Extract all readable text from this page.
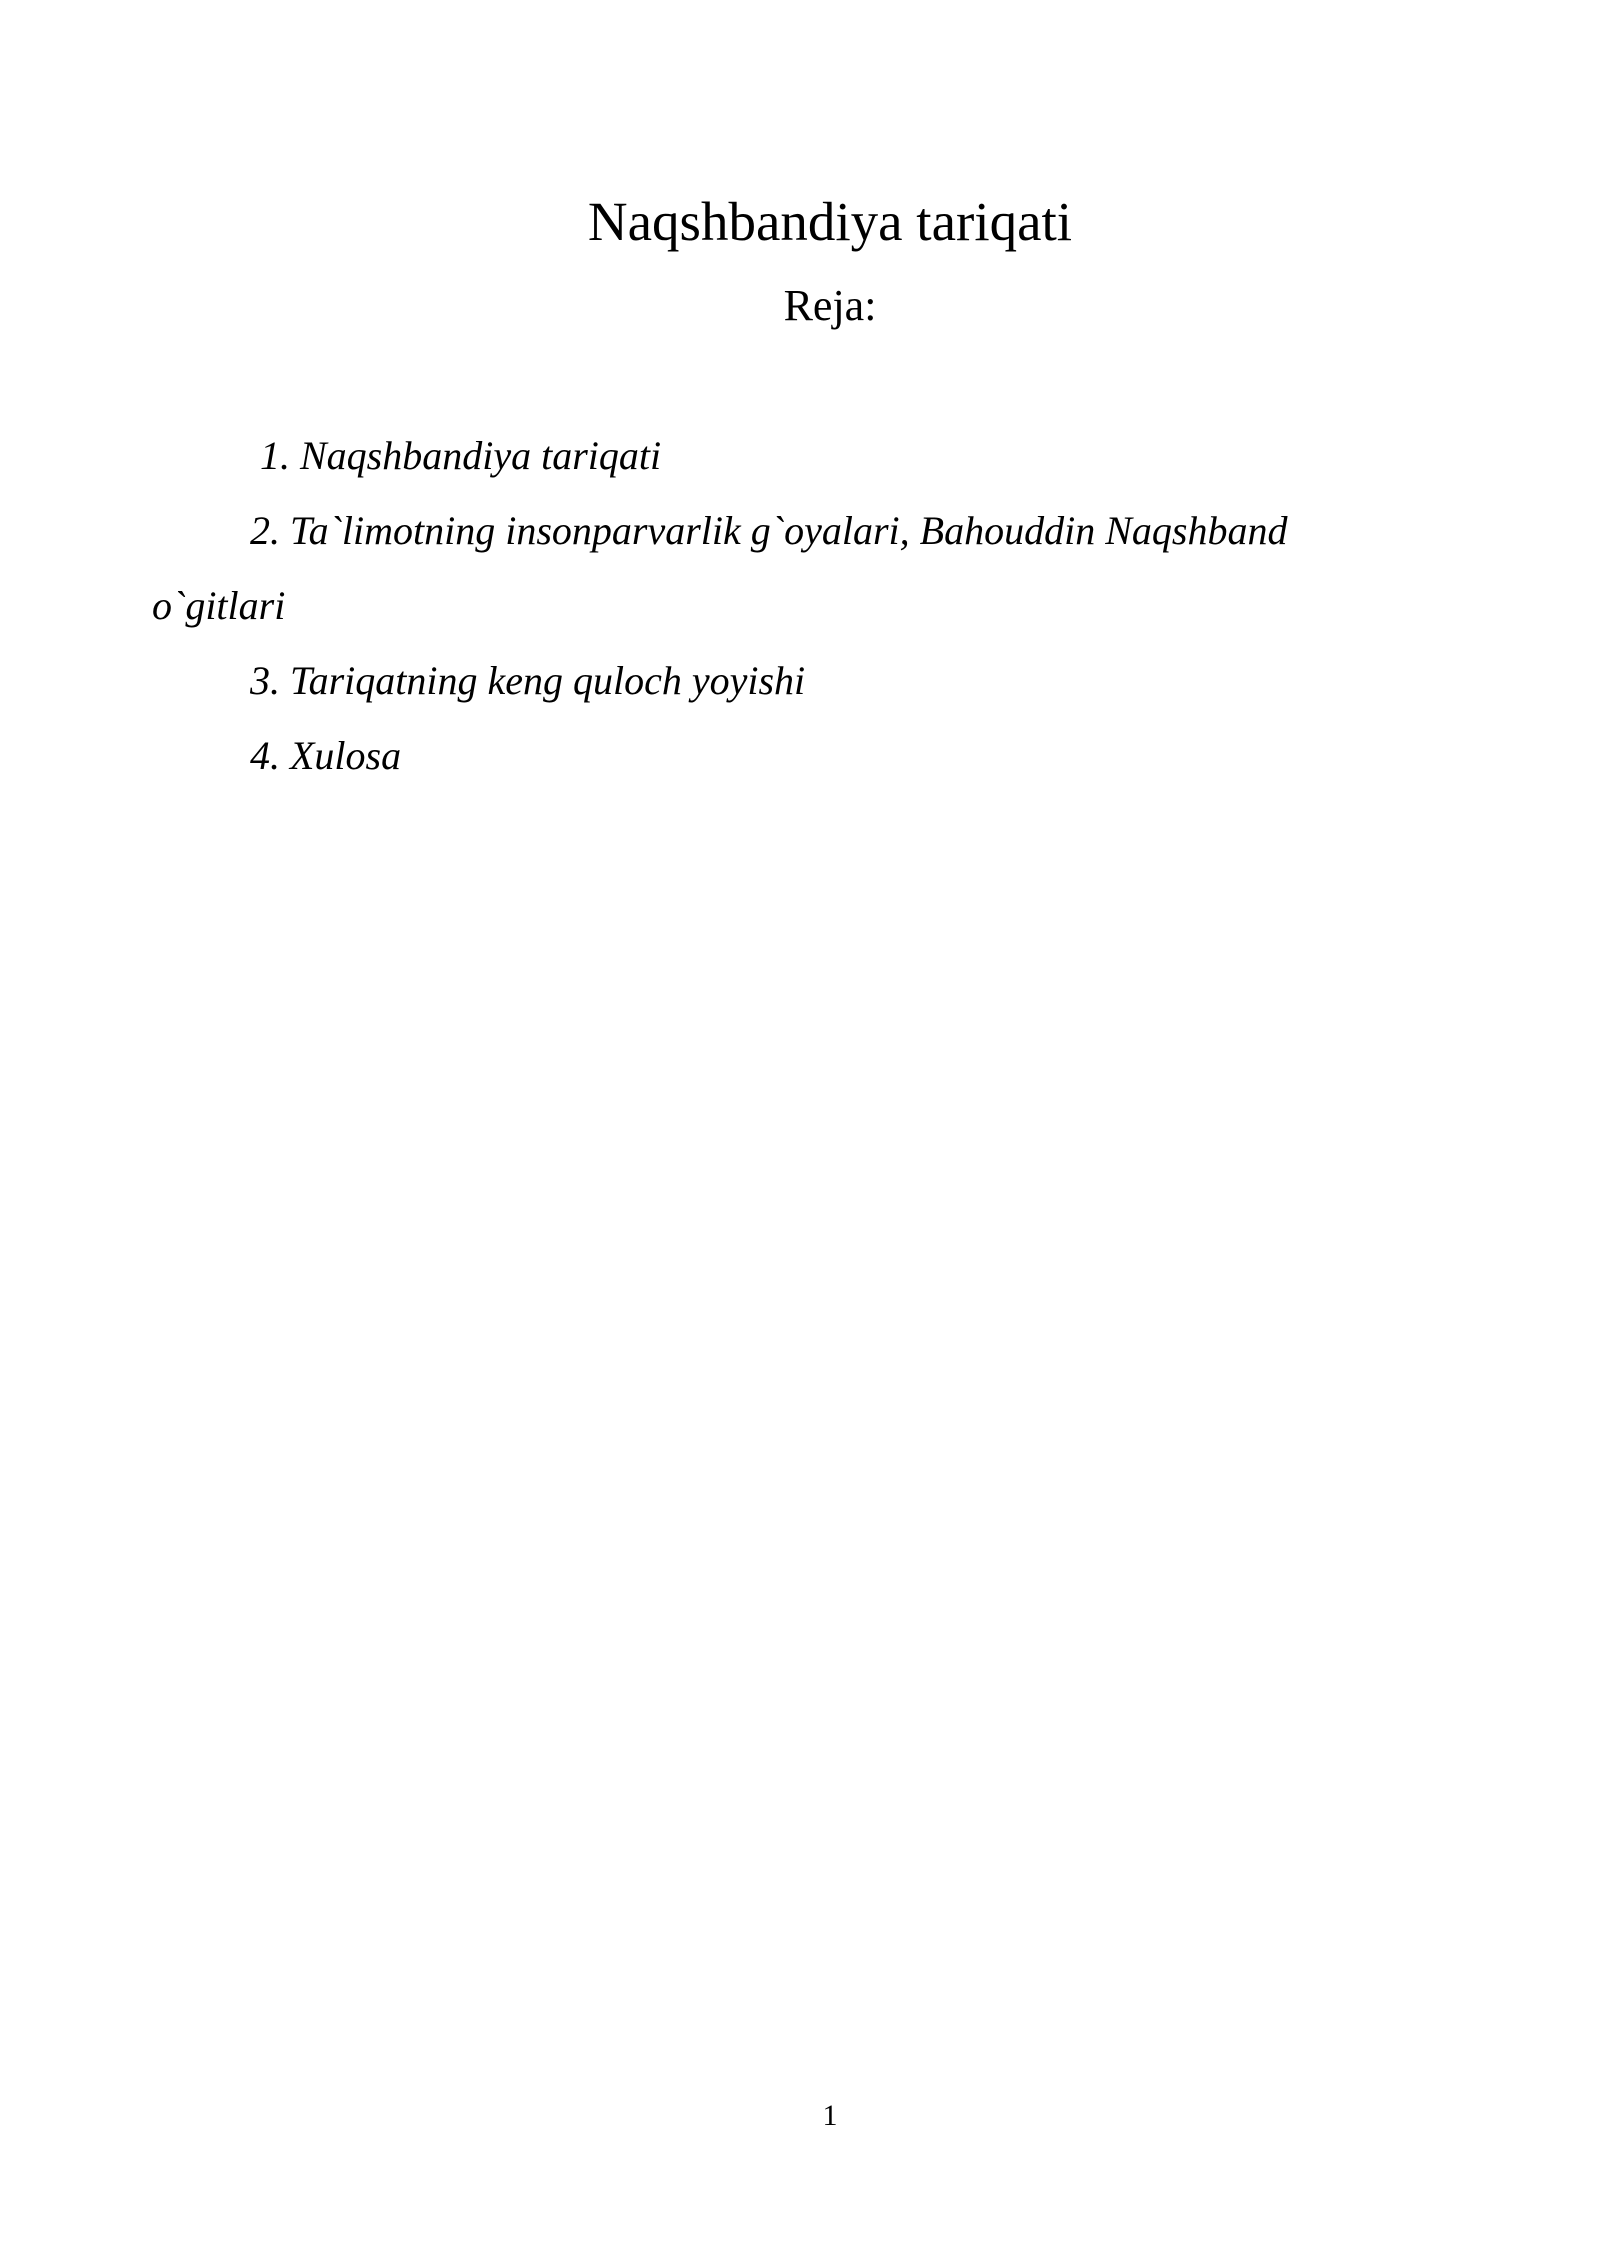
Naqshbandiya tariqati
Reja:
1. Naqshbandiya tariqati
2. Ta`limotning insonparvarlik g`oyalari, Bahouddin Naqshband o`gitlari
3. Tariqatning keng quloch yoyishi
4. Xulosa
1
